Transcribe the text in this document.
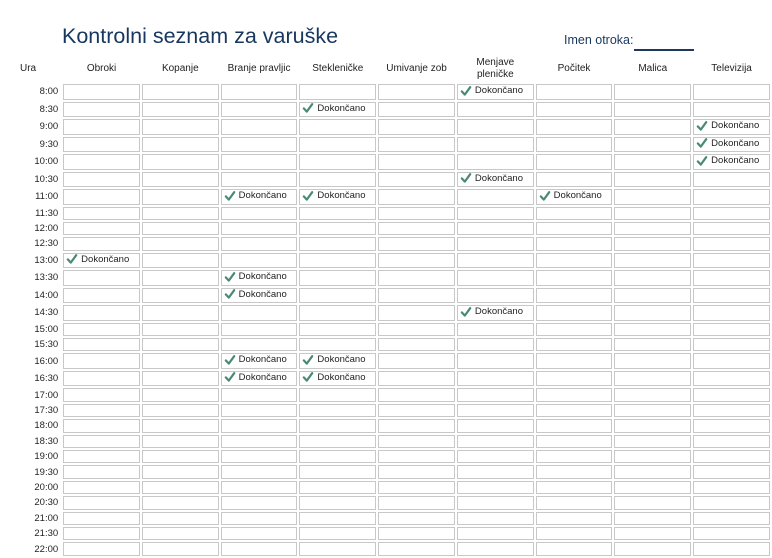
Kontrolni seznam za varuške	Imen otroka:
Ura	Obroki	Kopanje	Branje pravljic	Stekleničke	Umivanje zob	Menjave pleničke	Počitek	Malica	Televizija
8:00						Dokončano			

8:30				Dokončano					

9:00									Dokončano

9:30									Dokončano

10:00									Dokončano

10:30						Dokončano			

11:00			Dokončano	Dokončano			Dokončano		

11:30									
12:00									
12:30									
13:00	Dokončano								

13:30			Dokončano						

14:00			Dokončano						

14:30						Dokončano			

15:00									
15:30									
16:00			Dokončano	Dokončano					

16:30			Dokončano	Dokončano					

17:00									
17:30									
18:00									
18:30									
19:00									
19:30									
20:00									
20:30									
21:00									
21:30									
22:00									
